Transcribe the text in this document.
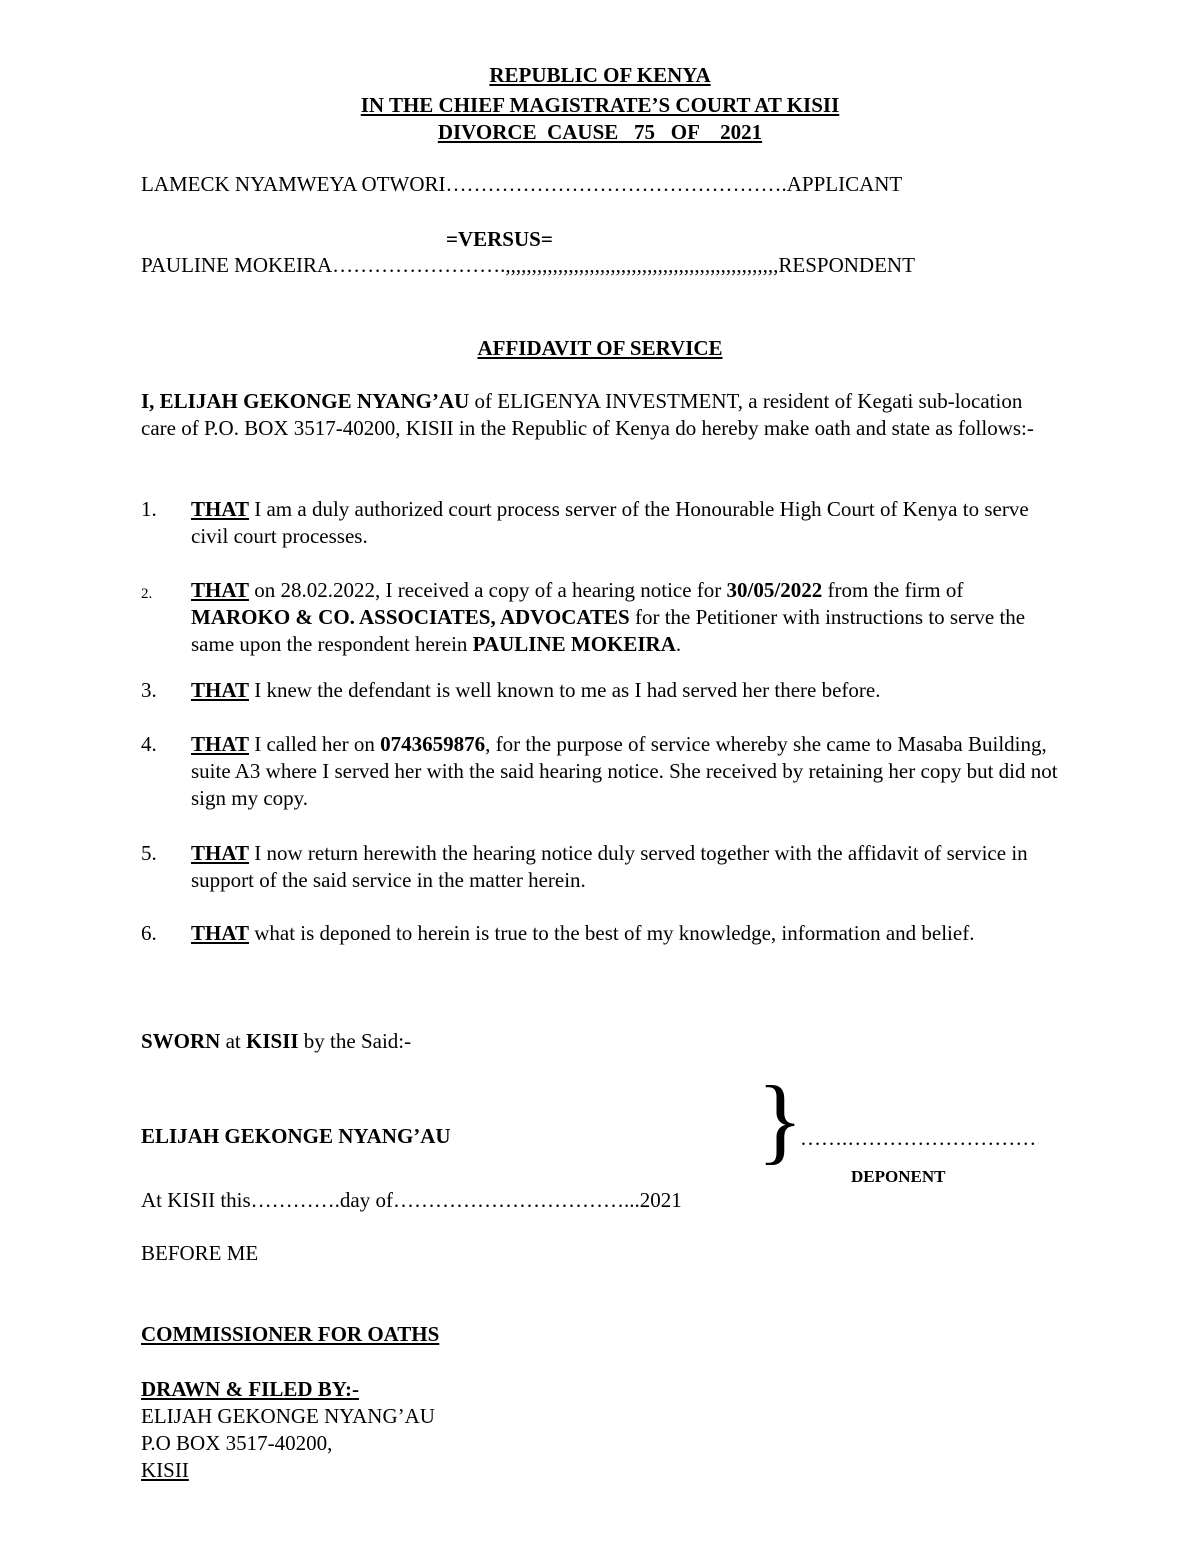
REPUBLIC OF KENYA
IN THE CHIEF MAGISTRATE’S COURT AT KISII
DIVORCE  CAUSE   75   OF    2021
LAMECK NYAMWEYA OTWORI………………………………………….APPLICANT
=VERSUS=
PAULINE MOKEIRA…………………….,,,,,,,,,,,,,,,,,,,,,,,,,,,,,,,,,,,,,,,,,,,,,,,,,,,,RESPONDENT
AFFIDAVIT OF SERVICE
I, ELIJAH GEKONGE NYANG’AU of ELIGENYA INVESTMENT, a resident of Kegati sub-location care of P.O. BOX 3517-40200, KISII in the Republic of Kenya do hereby make oath and state as follows:-
1.	THAT I am a duly authorized court process server of the Honourable High Court of Kenya to serve civil court processes.
2.	THAT on 28.02.2022, I received a copy of a hearing notice for 30/05/2022 from the firm of MAROKO & CO. ASSOCIATES, ADVOCATES for the Petitioner with instructions to serve the same upon the respondent herein PAULINE MOKEIRA.
3.	THAT I knew the defendant is well known to me as I had served her there before.
4.	THAT I called her on 0743659876, for the purpose of service whereby she came to Masaba Building, suite A3 where I served her with the said hearing notice. She received by retaining her copy but did not sign my copy.
5.	THAT I now return herewith the hearing notice duly served together with the affidavit of service in support of the said service in the matter herein.
6.	THAT what is deponed to herein is true to the best of my knowledge, information and belief.
SWORN at KISII by the Said:-
ELIJAH GEKONGE NYANG’AU	}
…….………………………
DEPONENT
At KISII this………….day of……………………………...2021
BEFORE ME
COMMISSIONER FOR OATHS
DRAWN & FILED BY:-
ELIJAH GEKONGE NYANG’AU
P.O BOX 3517-40200,
KISII
